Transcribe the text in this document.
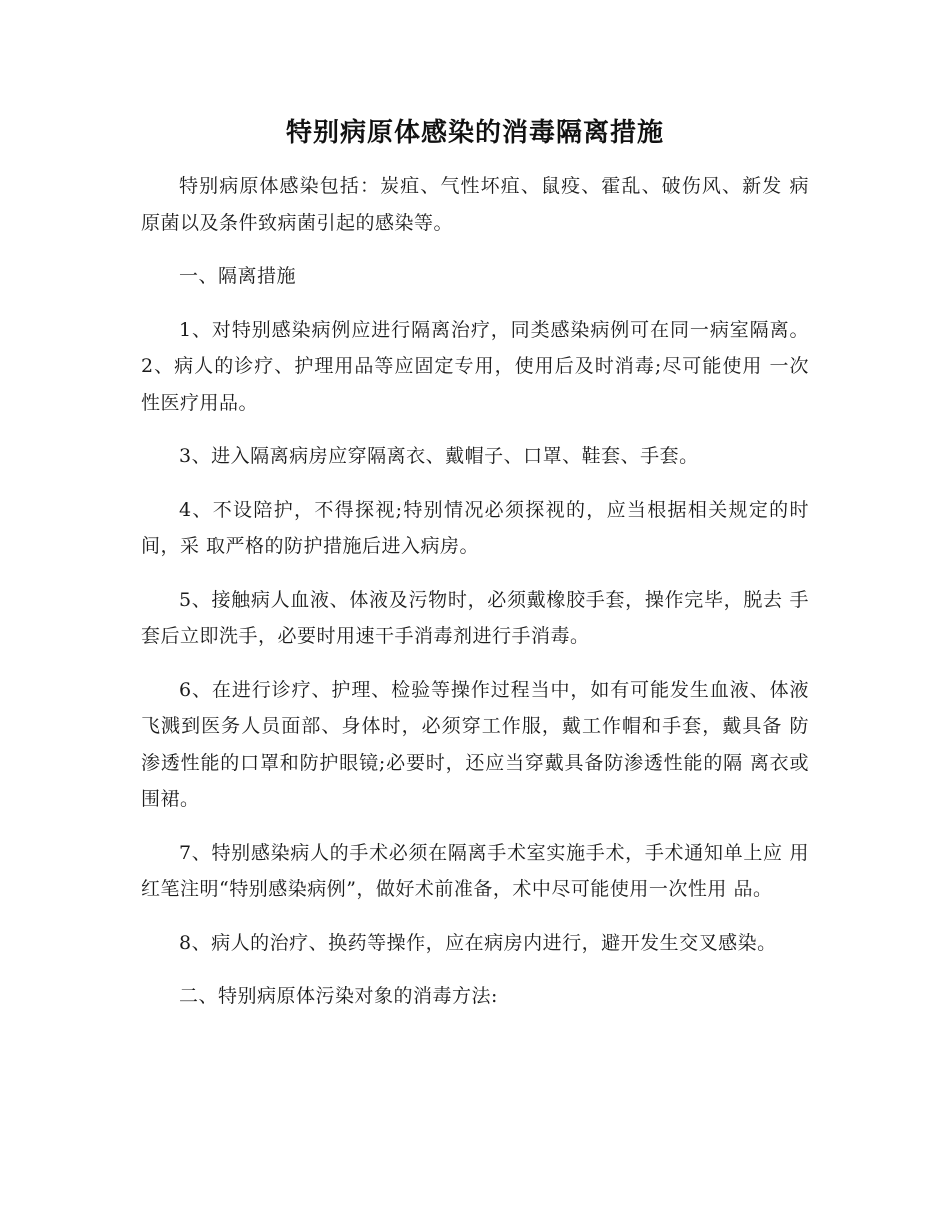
特别病原体感染的消毒隔离措施

特别病原体感染包括：炭疽、气性坏疽、鼠疫、霍乱、破伤风、新发 病原菌以及条件致病菌引起的感染等。

一、隔离措施

1、对特别感染病例应进行隔离治疗，同类感染病例可在同一病室隔离。2、病人的诊疗、护理用品等应固定专用，使用后及时消毒;尽可能使用 一次性医疗用品。

3、进入隔离病房应穿隔离衣、戴帽子、口罩、鞋套、手套。

4、不设陪护，不得探视;特别情况必须探视的，应当根据相关规定的时间，采 取严格的防护措施后进入病房。

5、接触病人血液、体液及污物时，必须戴橡胶手套，操作完毕，脱去 手套后立即洗手，必要时用速干手消毒剂进行手消毒。

6、在进行诊疗、护理、检验等操作过程当中，如有可能发生血液、体液 飞溅到医务人员面部、身体时，必须穿工作服，戴工作帽和手套，戴具备 防渗透性能的口罩和防护眼镜;必要时，还应当穿戴具备防渗透性能的隔 离衣或围裙。

7、特别感染病人的手术必须在隔离手术室实施手术，手术通知单上应 用红笔注明“特别感染病例”，做好术前准备，术中尽可能使用一次性用 品。

8、病人的治疗、换药等操作，应在病房内进行，避开发生交叉感染。

二、特别病原体污染对象的消毒方法:
